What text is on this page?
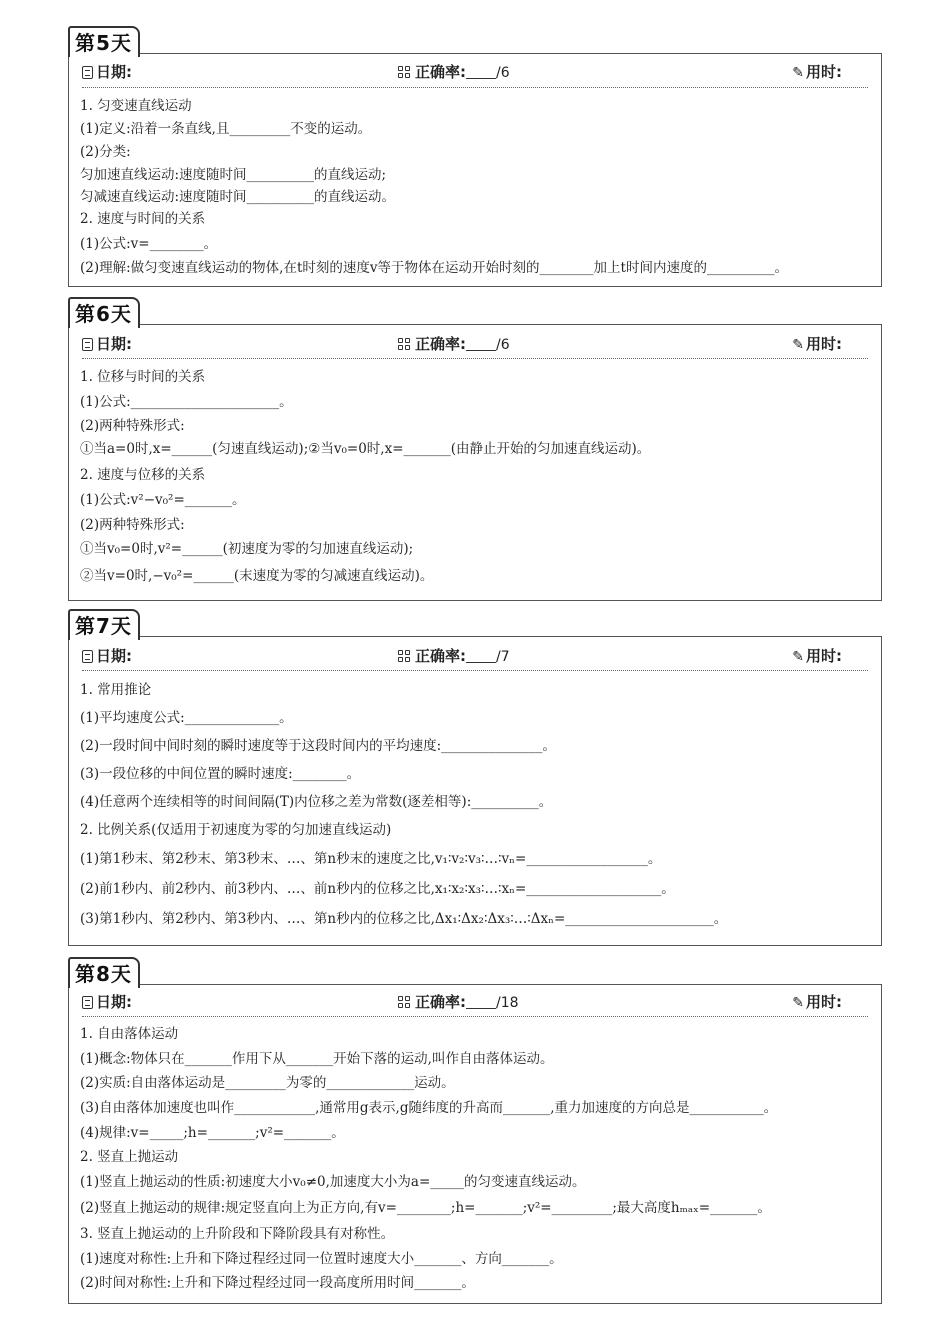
第5天
日期:	正确率: /6	✎ 用时:
1. 匀变速直线运动
(1)定义:沿着一条直线,且_________不变的运动。
(2)分类:
匀加速直线运动:速度随时间__________的直线运动;
匀减速直线运动:速度随时间__________的直线运动。
2. 速度与时间的关系
(1)公式:v=________。
(2)理解:做匀变速直线运动的物体,在t时刻的速度v等于物体在运动开始时刻的________加上t时间内速度的__________。
第6天
日期:	正确率: /6	✎ 用时:
1. 位移与时间的关系
(1)公式:______________________。
(2)两种特殊形式:
①当a=0时,x=______(匀速直线运动);②当v₀=0时,x=_______(由静止开始的匀加速直线运动)。
2. 速度与位移的关系
(1)公式:v²−v₀²=_______。
(2)两种特殊形式:
①当v₀=0时,v²=______(初速度为零的匀加速直线运动);
②当v=0时,−v₀²=______(末速度为零的匀减速直线运动)。
第7天
日期:	正确率: /7	✎ 用时:
1. 常用推论
(1)平均速度公式:______________。
(2)一段时间中间时刻的瞬时速度等于这段时间内的平均速度:_______________。
(3)一段位移的中间位置的瞬时速度:________。
(4)任意两个连续相等的时间间隔(T)内位移之差为常数(逐差相等):__________。
2. 比例关系(仅适用于初速度为零的匀加速直线运动)
(1)第1秒末、第2秒末、第3秒末、…、第n秒末的速度之比,v₁∶v₂∶v₃∶…∶vₙ=__________________。
(2)前1秒内、前2秒内、前3秒内、…、前n秒内的位移之比,x₁∶x₂∶x₃∶…∶xₙ=____________________。
(3)第1秒内、第2秒内、第3秒内、…、第n秒内的位移之比,Δx₁∶Δx₂∶Δx₃∶…∶Δxₙ=______________________。
第8天
日期:	正确率: /18	✎ 用时:
1. 自由落体运动
(1)概念:物体只在_______作用下从_______开始下落的运动,叫作自由落体运动。
(2)实质:自由落体运动是_________为零的_____________运动。
(3)自由落体加速度也叫作____________,通常用g表示,g随纬度的升高而_______,重力加速度的方向总是___________。
(4)规律:v=_____;h=_______;v²=_______。
2. 竖直上抛运动
(1)竖直上抛运动的性质:初速度大小v₀≠0,加速度大小为a=_____的匀变速直线运动。
(2)竖直上抛运动的规律:规定竖直向上为正方向,有v=________;h=_______;v²=_________;最大高度hₘₐₓ=_______。
3. 竖直上抛运动的上升阶段和下降阶段具有对称性。
(1)速度对称性:上升和下降过程经过同一位置时速度大小_______、方向_______。
(2)时间对称性:上升和下降过程经过同一段高度所用时间_______。
